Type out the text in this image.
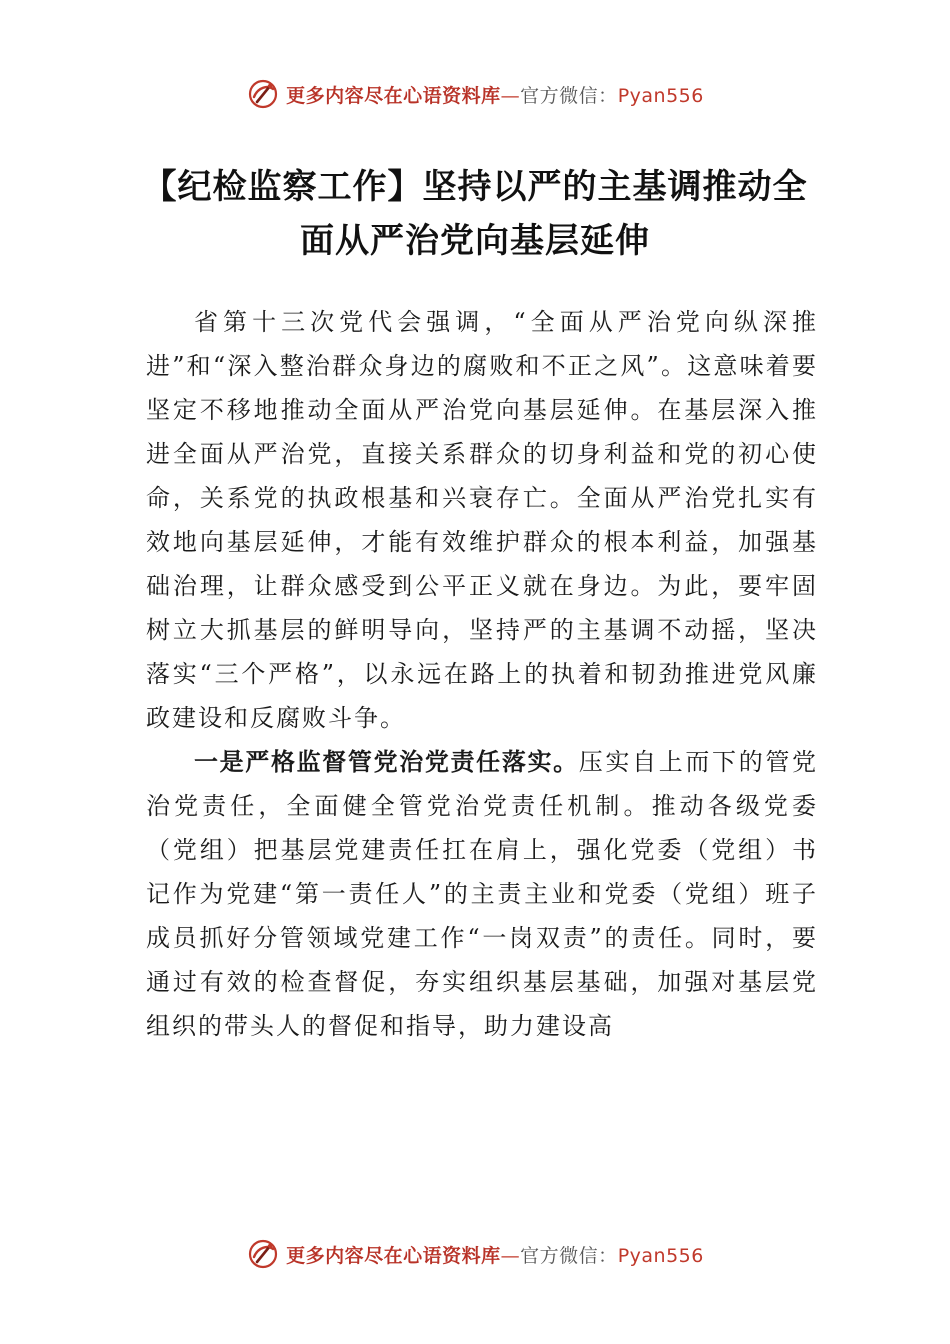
更多内容尽在心语资料库—官方微信：Pyan556
【纪检监察工作】坚持以严的主基调推动全面从严治党向基层延伸

省第十三次党代会强调，“全面从严治党向纵深推进”和“深入整治群众身边的腐败和不正之风”。这意味着要坚定不移地推动全面从严治党向基层延伸。在基层深入推进全面从严治党，直接关系群众的切身利益和党的初心使命，关系党的执政根基和兴衰存亡。全面从严治党扎实有效地向基层延伸，才能有效维护群众的根本利益，加强基础治理，让群众感受到公平正义就在身边。为此，要牢固树立大抓基层的鲜明导向，坚持严的主基调不动摇，坚决落实“三个严格”，以永远在路上的执着和韧劲推进党风廉政建设和反腐败斗争。

一是严格监督管党治党责任落实。压实自上而下的管党治党责任，全面健全管党治党责任机制。推动各级党委（党组）把基层党建责任扛在肩上，强化党委（党组）书记作为党建“第一责任人”的主责主业和党委（党组）班子成员抓好分管领域党建工作“一岗双责”的责任。同时，要通过有效的检查督促，夯实组织基层基础，加强对基层党组织的带头人的督促和指导，助力建设高

更多内容尽在心语资料库—官方微信：Pyan556
